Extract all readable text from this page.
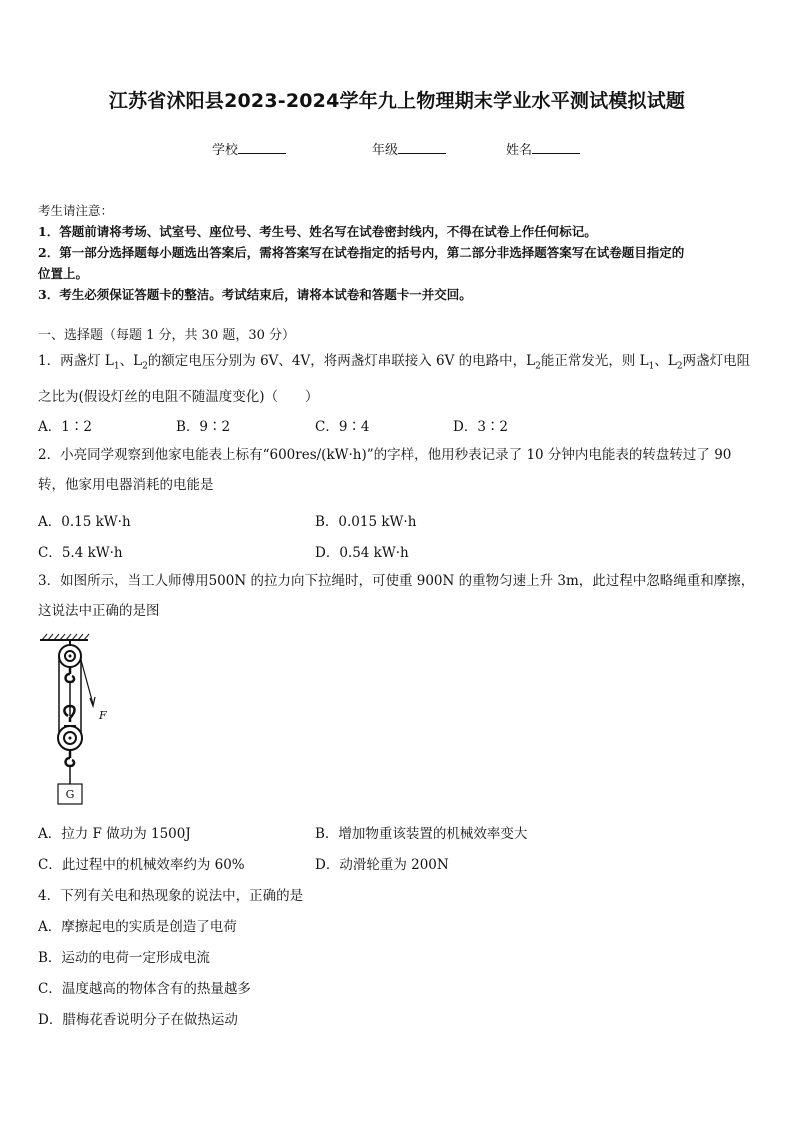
江苏省沭阳县2023-2024学年九上物理期末学业水平测试模拟试题
学校	年级	姓名
考生请注意：
1．答题前请将考场、试室号、座位号、考生号、姓名写在试卷密封线内，不得在试卷上作任何标记。
2．第一部分选择题每小题选出答案后，需将答案写在试卷指定的括号内，第二部分非选择题答案写在试卷题目指定的
位置上。
3．考生必须保证答题卡的整洁。考试结束后，请将本试卷和答题卡一并交回。
一、选择题（每题 1 分，共 30 题，30 分）
1．两盏灯 $L_1$、$L_2$的额定电压分别为 6V、4V，将两盏灯串联接入 6V 的电路中，$L_2$能正常发光，则 $L_1$、$L_2$两盏灯电阻
之比为(假设灯丝的电阻不随温度变化)（　　）
A．1∶2	B．9∶2	C．9∶4	D．3∶2
2．小亮同学观察到他家电能表上标有“600res/(kW·h)”的字样，他用秒表记录了 10 分钟内电能表的转盘转过了 90
转，他家用电器消耗的电能是
A．0.15 kW·h	B．0.015 kW·h
C．5.4 kW·h	D．0.54 kW·h
3．如图所示，当工人师傅用500N 的拉力向下拉绳时，可使重 900N 的重物匀速上升 3m，此过程中忽略绳重和摩擦，
这说法中正确的是图
F
G
A．拉力 F 做功为 1500J	B．增加物重该装置的机械效率变大
C．此过程中的机械效率约为 60%	D．动滑轮重为 200N
4．下列有关电和热现象的说法中，正确的是
A．摩擦起电的实质是创造了电荷
B．运动的电荷一定形成电流
C．温度越高的物体含有的热量越多
D．腊梅花香说明分子在做热运动
